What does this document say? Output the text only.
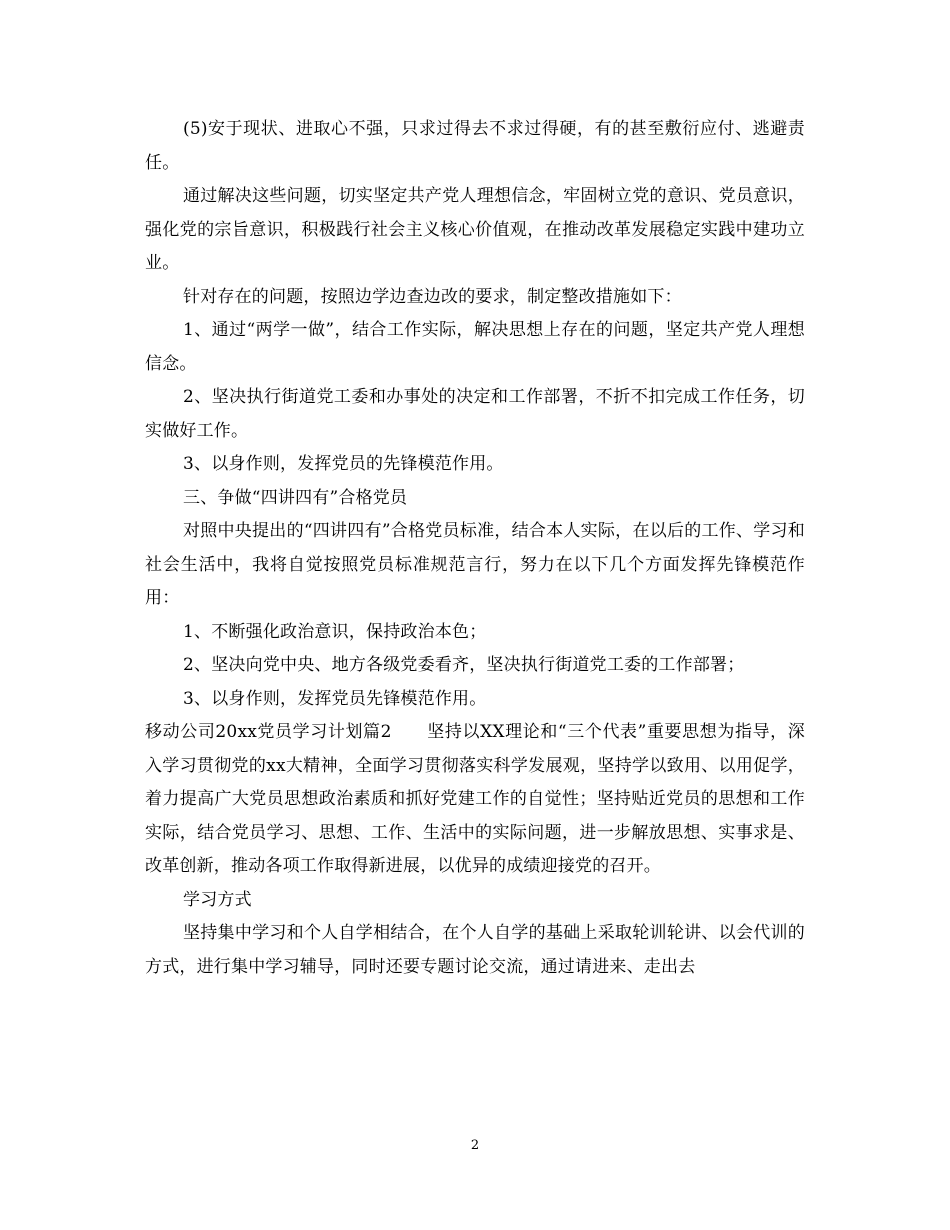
(5)安于现状、进取心不强，只求过得去不求过得硬，有的甚至敷衍应付、逃避责任。

通过解决这些问题，切实坚定共产党人理想信念，牢固树立党的意识、党员意识，强化党的宗旨意识，积极践行社会主义核心价值观，在推动改革发展稳定实践中建功立业。

针对存在的问题，按照边学边查边改的要求，制定整改措施如下：

1、通过“两学一做”，结合工作实际，解决思想上存在的问题，坚定共产党人理想信念。

2、坚决执行街道党工委和办事处的决定和工作部署，不折不扣完成工作任务，切实做好工作。

3、以身作则，发挥党员的先锋模范作用。

三、争做“四讲四有”合格党员

对照中央提出的“四讲四有”合格党员标准，结合本人实际，在以后的工作、学习和社会生活中，我将自觉按照党员标准规范言行，努力在以下几个方面发挥先锋模范作用：

1、不断强化政治意识，保持政治本色；

2、坚决向党中央、地方各级党委看齐，坚决执行街道党工委的工作部署；

3、以身作则，发挥党员先锋模范作用。

移动公司20xx党员学习计划篇2　　坚持以XX理论和“三个代表”重要思想为指导，深入学习贯彻党的xx大精神，全面学习贯彻落实科学发展观，坚持学以致用、以用促学，着力提高广大党员思想政治素质和抓好党建工作的自觉性；坚持贴近党员的思想和工作实际，结合党员学习、思想、工作、生活中的实际问题，进一步解放思想、实事求是、改革创新，推动各项工作取得新进展，以优异的成绩迎接党的召开。

学习方式

坚持集中学习和个人自学相结合，在个人自学的基础上采取轮训轮讲、以会代训的方式，进行集中学习辅导，同时还要专题讨论交流，通过请进来、走出去

2
